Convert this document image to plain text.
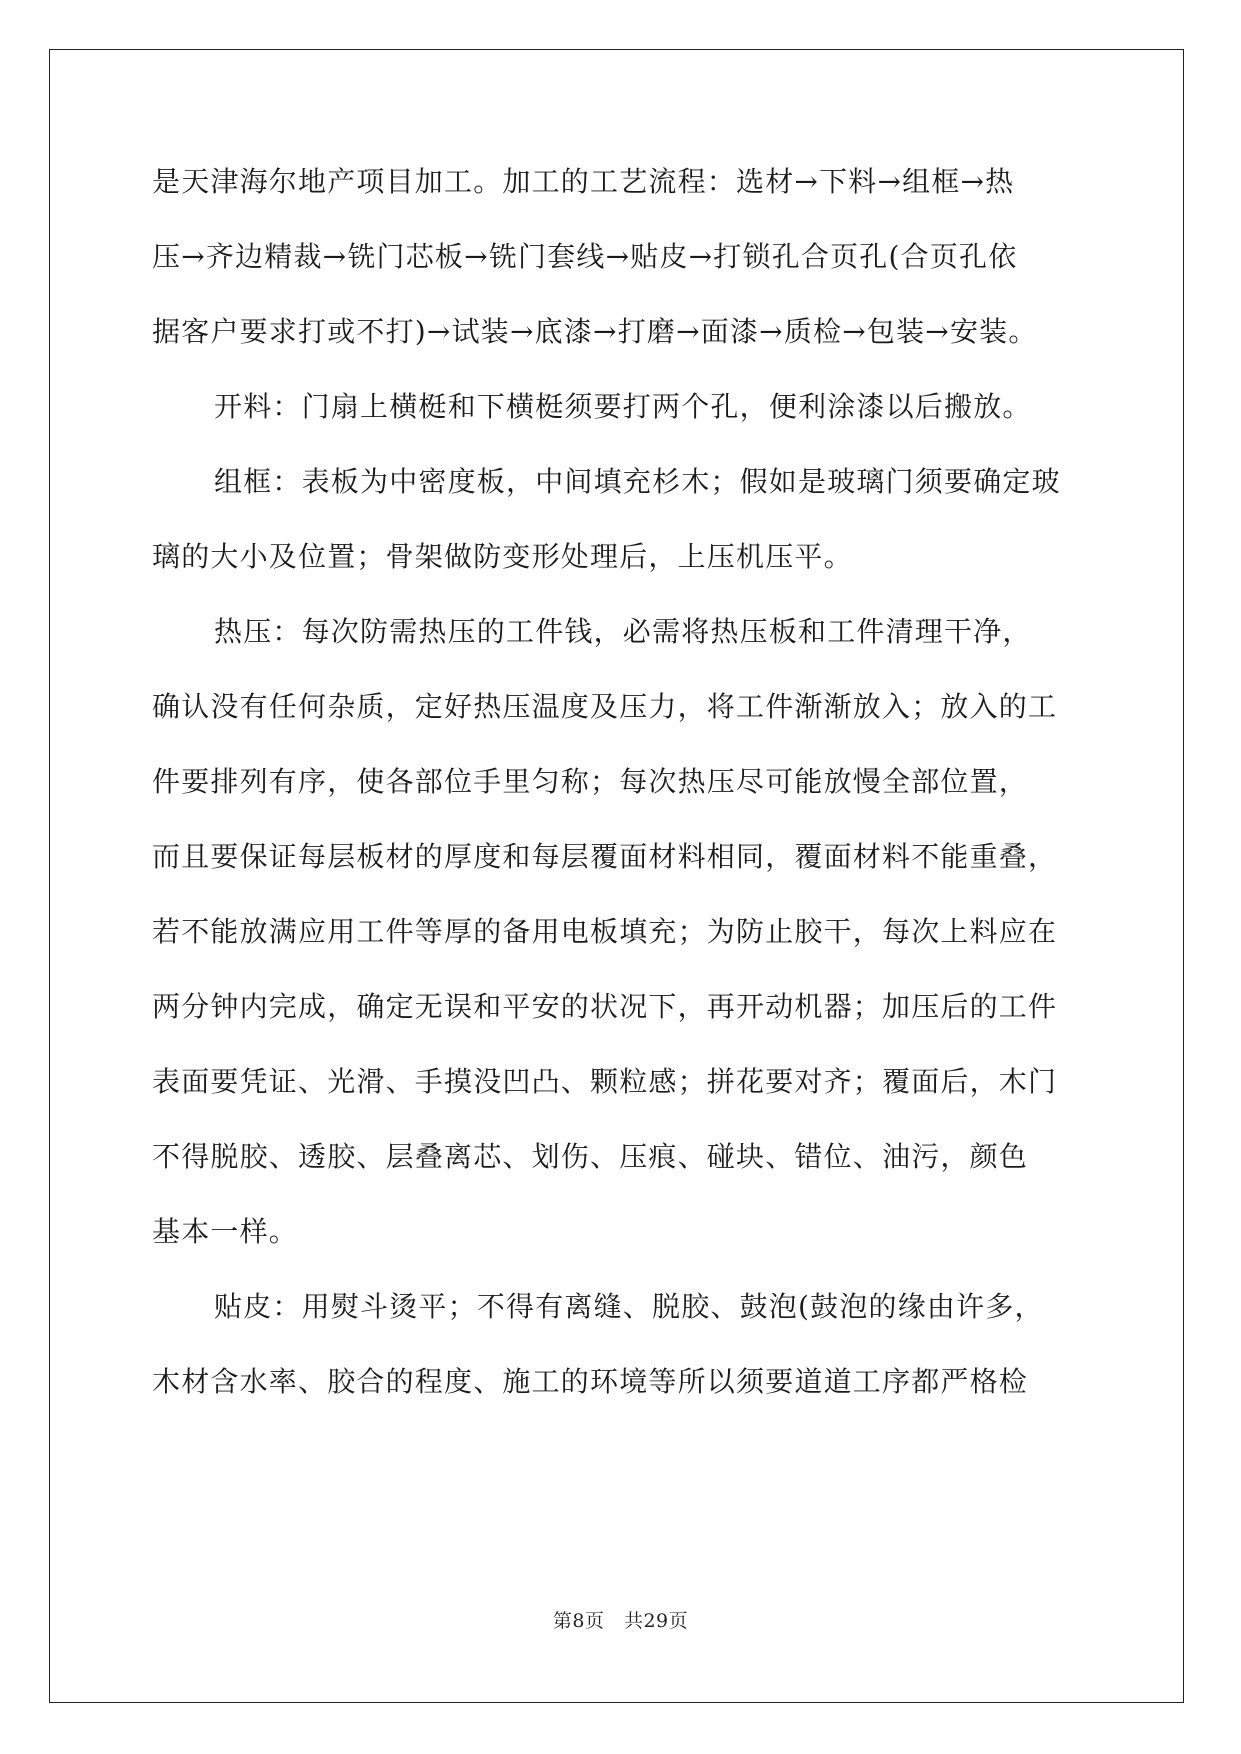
是天津海尔地产项目加工。加工的工艺流程：选材→下料→组框→热
压→齐边精裁→铣门芯板→铣门套线→贴皮→打锁孔合页孔(合页孔依
据客户要求打或不打)→试装→底漆→打磨→面漆→质检→包装→安装。
开料：门扇上横梃和下横梃须要打两个孔，便利涂漆以后搬放。
组框：表板为中密度板，中间填充杉木；假如是玻璃门须要确定玻
璃的大小及位置；骨架做防变形处理后，上压机压平。
热压：每次防需热压的工件钱，必需将热压板和工件清理干净，
确认没有任何杂质，定好热压温度及压力，将工件渐渐放入；放入的工
件要排列有序，使各部位手里匀称；每次热压尽可能放慢全部位置，
而且要保证每层板材的厚度和每层覆面材料相同，覆面材料不能重叠，
若不能放满应用工件等厚的备用电板填充；为防止胶干，每次上料应在
两分钟内完成，确定无误和平安的状况下，再开动机器；加压后的工件
表面要凭证、光滑、手摸没凹凸、颗粒感；拼花要对齐；覆面后，木门
不得脱胶、透胶、层叠离芯、划伤、压痕、碰块、错位、油污，颜色
基本一样。
贴皮：用熨斗烫平；不得有离缝、脱胶、鼓泡(鼓泡的缘由许多，
木材含水率、胶合的程度、施工的环境等所以须要道道工序都严格检
第8页　共29页
